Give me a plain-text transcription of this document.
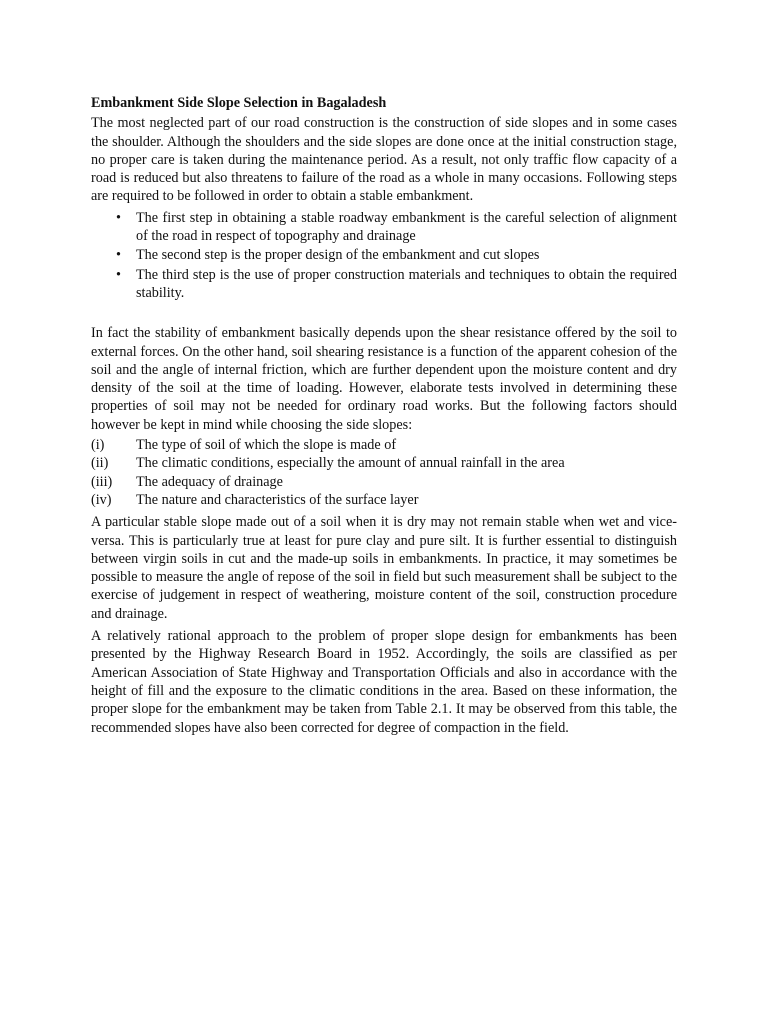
Embankment Side Slope Selection in Bagaladesh

The most neglected part of our road construction is the construction of side slopes and in some cases the shoulder. Although the shoulders and the side slopes are done once at the initial construction stage, no proper care is taken during the maintenance period. As a result, not only traffic flow capacity of a road is reduced but also threatens to failure of the road as a whole in many occasions. Following steps are required to be followed in order to obtain a stable embankment.

• The first step in obtaining a stable roadway embankment is the careful selection of alignment of the road in respect of topography and drainage
• The second step is the proper design of the embankment and cut slopes
• The third step is the use of proper construction materials and techniques to obtain the required stability.

In fact the stability of embankment basically depends upon the shear resistance offered by the soil to external forces. On the other hand, soil shearing resistance is a function of the apparent cohesion of the soil and the angle of internal friction, which are further dependent upon the moisture content and dry density of the soil at the time of loading. However, elaborate tests involved in determining these properties of soil may not be needed for ordinary road works. But the following factors should however be kept in mind while choosing the side slopes:

(i) The type of soil of which the slope is made of
(ii) The climatic conditions, especially the amount of annual rainfall in the area
(iii) The adequacy of drainage
(iv) The nature and characteristics of the surface layer

A particular stable slope made out of a soil when it is dry may not remain stable when wet and vice-versa. This is particularly true at least for pure clay and pure silt. It is further essential to distinguish between virgin soils in cut and the made-up soils in embankments. In practice, it may sometimes be possible to measure the angle of repose of the soil in field but such measurement shall be subject to the exercise of judgement in respect of weathering, moisture content of the soil, construction procedure and drainage.

A relatively rational approach to the problem of proper slope design for embankments has been presented by the Highway Research Board in 1952. Accordingly, the soils are classified as per American Association of State Highway and Transportation Officials and also in accordance with the height of fill and the exposure to the climatic conditions in the area. Based on these information, the proper slope for the embankment may be taken from Table 2.1. It may be observed from this table, the recommended slopes have also been corrected for degree of compaction in the field.
